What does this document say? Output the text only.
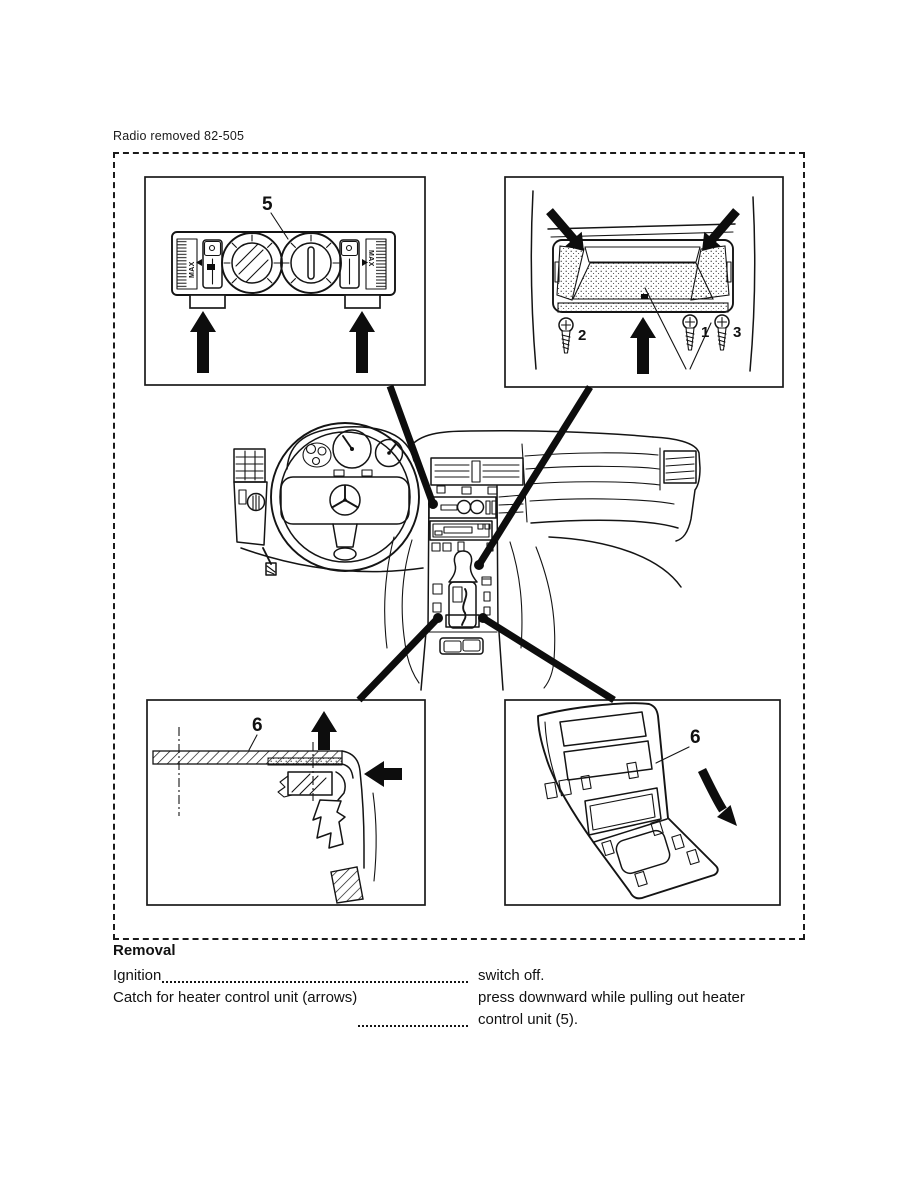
Radio removed 82-505
5
MAX
MAX
2	1 3
6
6
Removal
Ignition	switch off.
Catch for heater control unit (arrows)	press downward while pulling out heater control unit (5).
